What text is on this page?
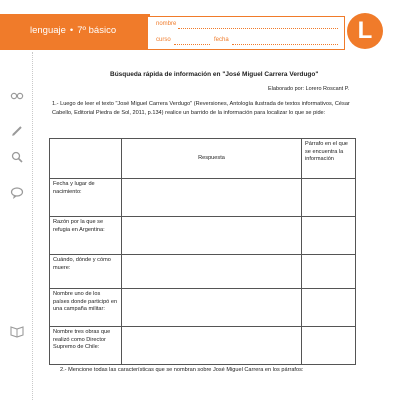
lenguaje • 7º básico
nombre
curso	fecha	L
Búsqueda rápida de información en "José Miguel Carrera Verdugo"
Elaborado por: Lorero Roscant P.
1.- Luego de leer el texto "José Miguel Carrera Verdugo" (Reversiones, Antología ilustrada de textos informativos, César Cabello, Editorial Piedra de Sol, 2011, p.134) realice un barrido de la información para localizar lo que se pide:
	Respuesta	Párrafo en el que se encuentra la información
Fecha y lugar de nacimiento:		
Razón por la que se refugia en Argentina:		
Cuándo, dónde y cómo muere:		
Nombre uno de los países donde participó en una campaña militar:		
Nombre tres obras que realizó como Director Supremo de Chile:		
2.- Mencione todas las características que se nombran sobre José Miguel Carrera en los párrafos:
